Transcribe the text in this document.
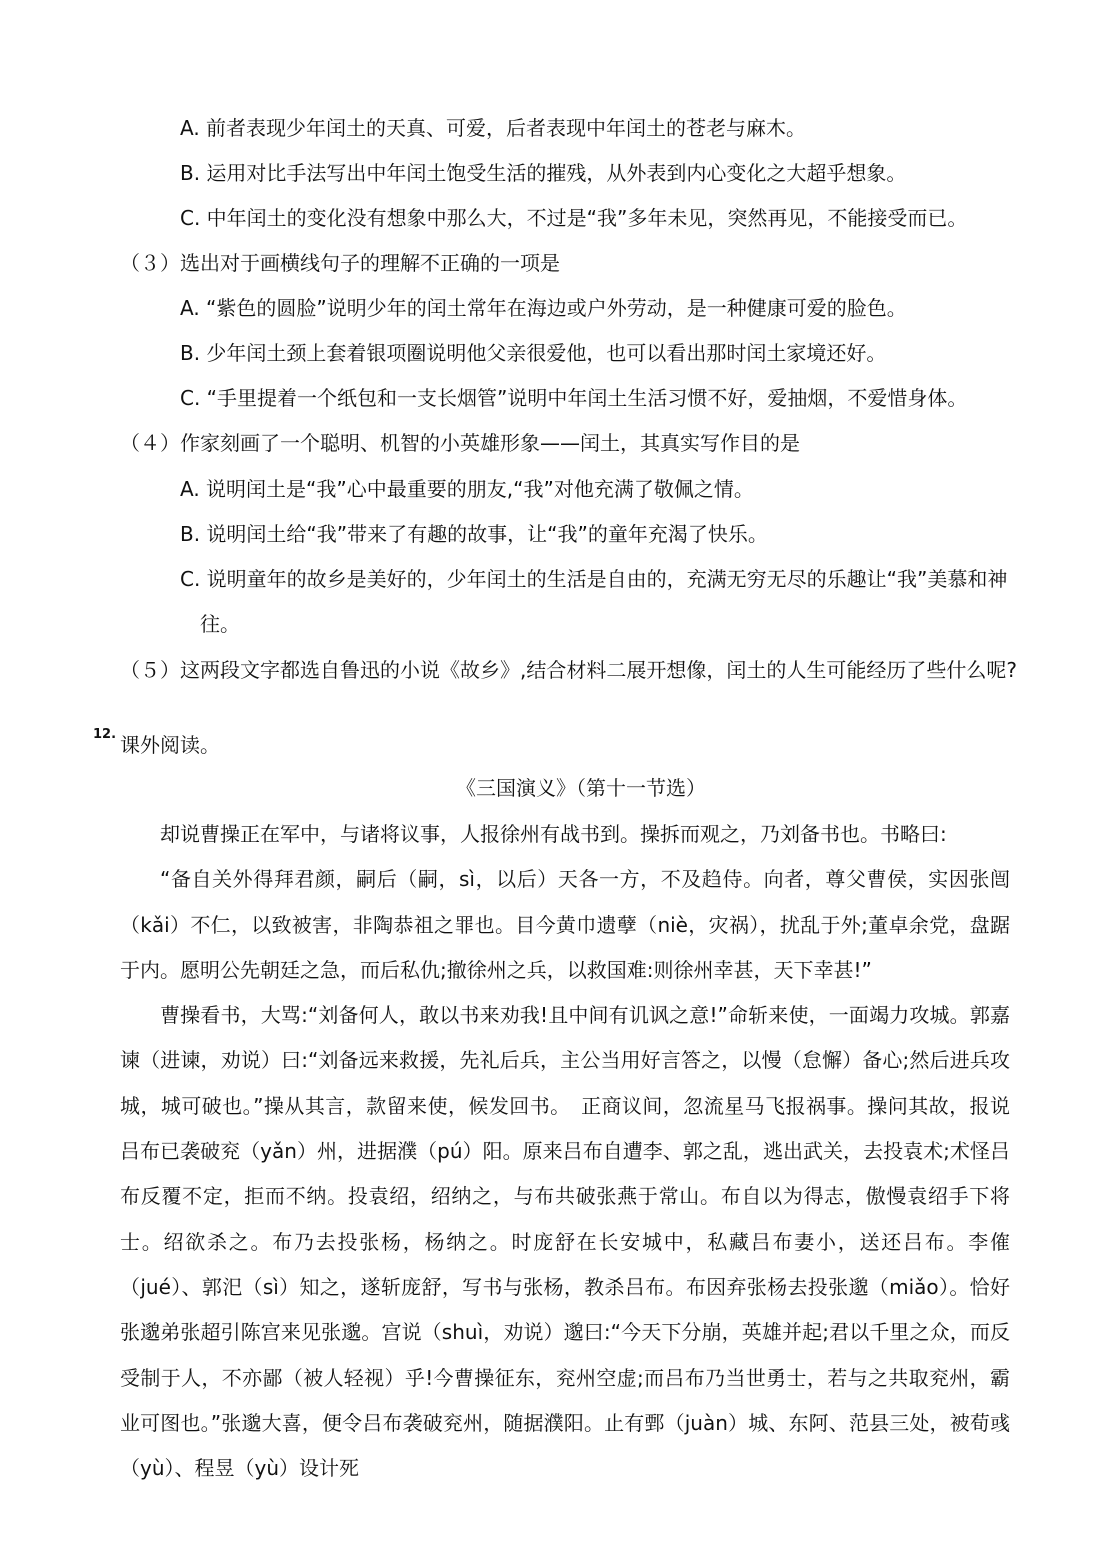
A. 前者表现少年闰土的天真、可爱，后者表现中年闰土的苍老与麻木。
B. 运用对比手法写出中年闰土饱受生活的摧残，从外表到内心变化之大超乎想象。
C. 中年闰土的变化没有想象中那么大，不过是“我”多年未见，突然再见，不能接受而已。
（３） 选出对于画横线句子的理解不正确的一项是
A. “紫色的圆脸”说明少年的闰土常年在海边或户外劳动，是一种健康可爱的脸色。
B. 少年闰土颈上套着银项圈说明他父亲很爱他，也可以看出那时闰土家境还好。
C. “手里提着一个纸包和一支长烟管”说明中年闰土生活习惯不好，爱抽烟，不爱惜身体。
（４） 作家刻画了一个聪明、机智的小英雄形象——闰土，其真实写作目的是
A. 说明闰土是“我”心中最重要的朋友,“我”对他充满了敬佩之情。
B. 说明闰土给“我”带来了有趣的故事，让“我”的童年充渴了快乐。
C. 说明童年的故乡是美好的，少年闰土的生活是自由的，充满无穷无尽的乐趣让“我”美慕和神
往。
（５） 这两段文字都选自鲁迅的小说《故乡》,结合材料二展开想像，闰土的人生可能经历了些什么呢?
12. 课外阅读。
《三国演义》（第十一节选）

却说曹操正在军中，与诸将议事，人报徐州有战书到。操拆而观之，乃刘备书也。书略曰:

“备自关外得拜君颜，嗣后（嗣，sì，以后）天各一方，不及趋侍。向者，尊父曹侯，实因张闿（kǎi）不仁，以致被害，非陶恭祖之罪也。目今黄巾遗孽（niè，灾祸），扰乱于外;董卓余党，盘踞于内。愿明公先朝廷之急，而后私仇;撤徐州之兵，以救国难:则徐州幸甚，天下幸甚!”

曹操看书，大骂:“刘备何人，敢以书来劝我!且中间有讥讽之意!”命斩来使，一面竭力攻城。郭嘉谏（进谏，劝说）曰:“刘备远来救援，先礼后兵，主公当用好言答之，以慢（怠懈）备心;然后进兵攻城，城可破也。”操从其言，款留来使，候发回书。　正商议间，忽流星马飞报祸事。操问其故，报说吕布已袭破兖（yǎn）州，进据濮（pú）阳。原来吕布自遭李、郭之乱，逃出武关，去投袁术;术怪吕布反覆不定，拒而不纳。投袁绍，绍纳之，与布共破张燕于常山。布自以为得志，傲慢袁绍手下将士。绍欲杀之。布乃去投张杨，杨纳之。时庞舒在长安城中，私藏吕布妻小，送还吕布。李傕（jué）、郭汜（sì）知之，遂斩庞舒，写书与张杨，教杀吕布。布因弃张杨去投张邈（miǎo）。恰好张邈弟张超引陈宫来见张邈。宫说（shuì，劝说）邈曰:“今天下分崩，英雄并起;君以千里之众，而反受制于人，不亦鄙（被人轻视）乎!今曹操征东，兖州空虚;而吕布乃当世勇士，若与之共取兖州，霸业可图也。”张邈大喜，便令吕布袭破兖州，随据濮阳。止有鄄（juàn）城、东阿、范县三处，被荀彧（yù）、程昱（yù）设计死
